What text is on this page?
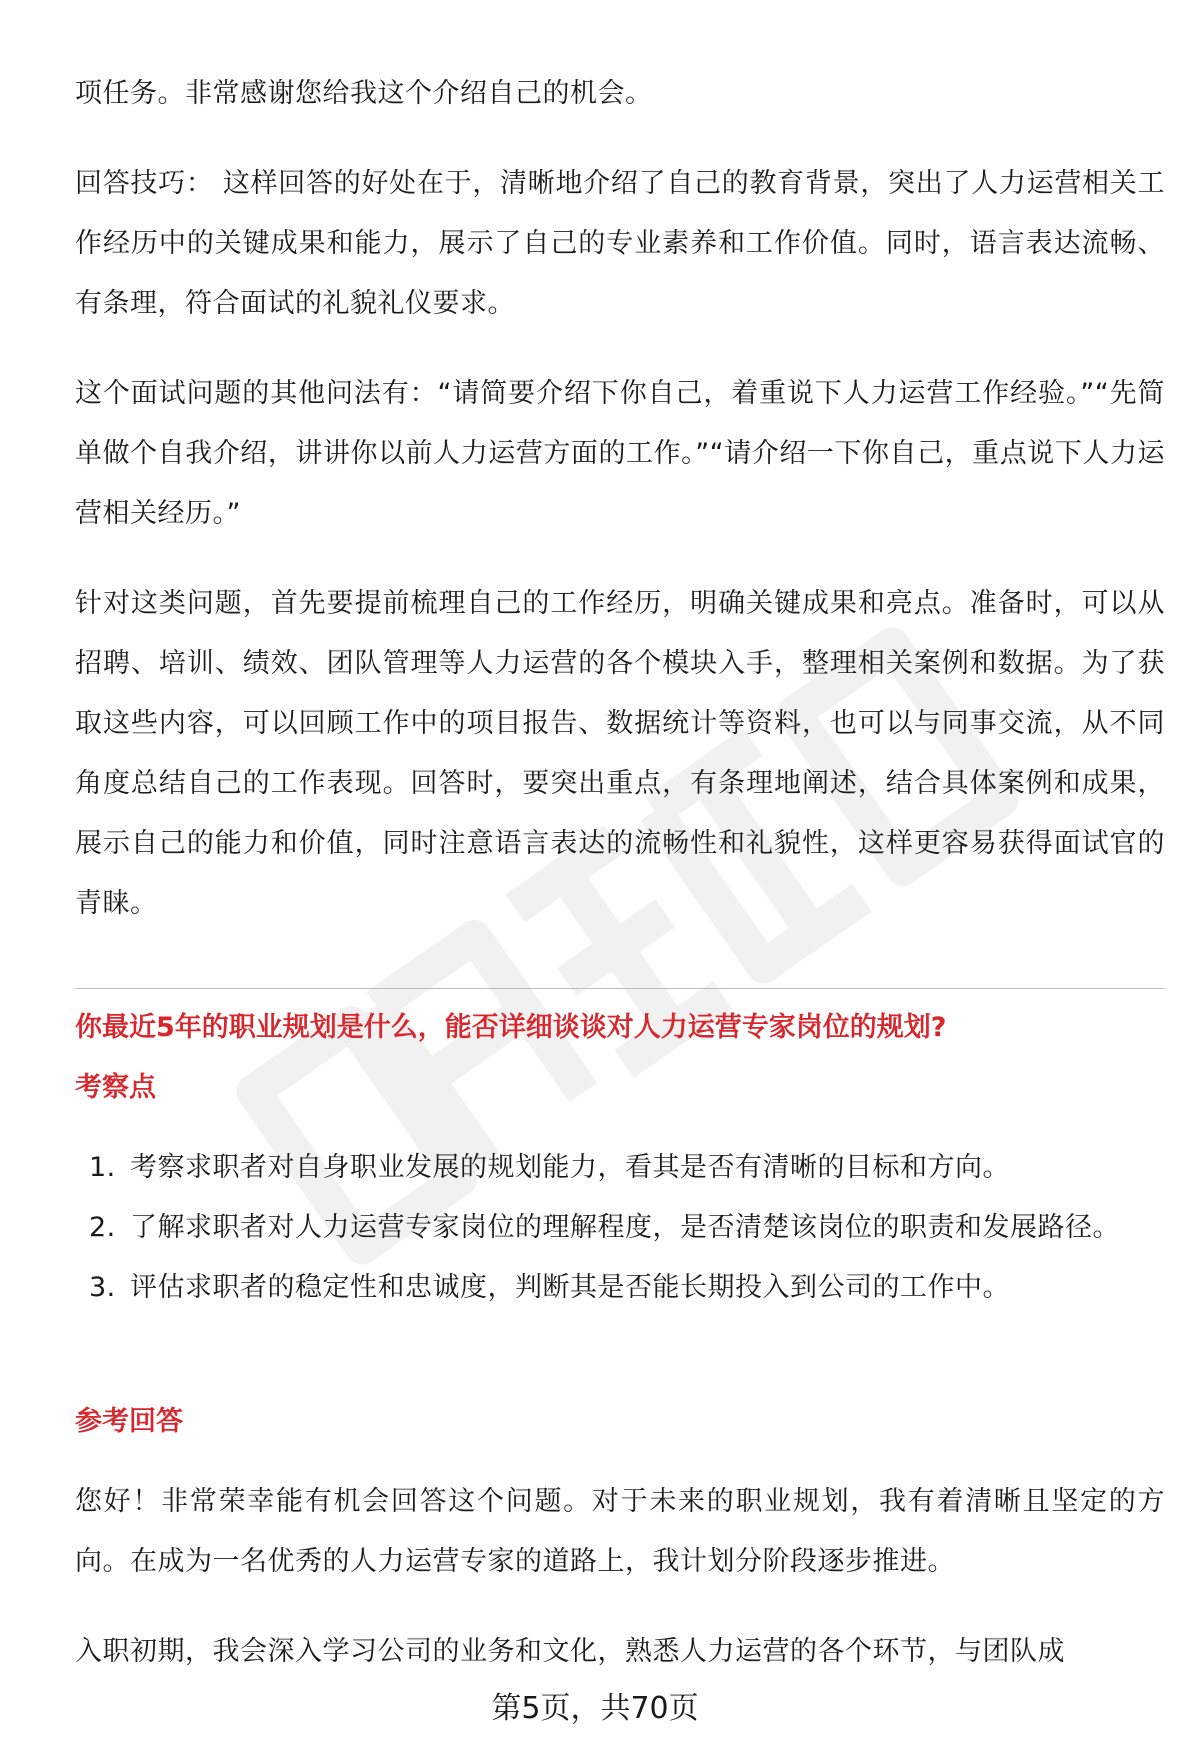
项任务。非常感谢您给我这个介绍自己的机会。

回答技巧： 这样回答的好处在于，清晰地介绍了自己的教育背景，突出了人力运营相关工作经历中的关键成果和能力，展示了自己的专业素养和工作价值。同时，语言表达流畅、有条理，符合面试的礼貌礼仪要求。

这个面试问题的其他问法有：“请简要介绍下你自己，着重说下人力运营工作经验。”“先简单做个自我介绍，讲讲你以前人力运营方面的工作。”“请介绍一下你自己，重点说下人力运营相关经历。”

针对这类问题，首先要提前梳理自己的工作经历，明确关键成果和亮点。准备时，可以从招聘、培训、绩效、团队管理等人力运营的各个模块入手，整理相关案例和数据。为了获取这些内容，可以回顾工作中的项目报告、数据统计等资料，也可以与同事交流，从不同角度总结自己的工作表现。回答时，要突出重点，有条理地阐述，结合具体案例和成果，展示自己的能力和价值，同时注意语言表达的流畅性和礼貌性，这样更容易获得面试官的青睐。

你最近5年的职业规划是什么，能否详细谈谈对人力运营专家岗位的规划?

考察点

1. 考察求职者对自身职业发展的规划能力，看其是否有清晰的目标和方向。
2. 了解求职者对人力运营专家岗位的理解程度，是否清楚该岗位的职责和发展路径。
3. 评估求职者的稳定性和忠诚度，判断其是否能长期投入到公司的工作中。

参考回答

您好！非常荣幸能有机会回答这个问题。对于未来的职业规划，我有着清晰且坚定的方向。在成为一名优秀的人力运营专家的道路上，我计划分阶段逐步推进。

入职初期，我会深入学习公司的业务和文化，熟悉人力运营的各个环节，与团队成

第5页，共70页
